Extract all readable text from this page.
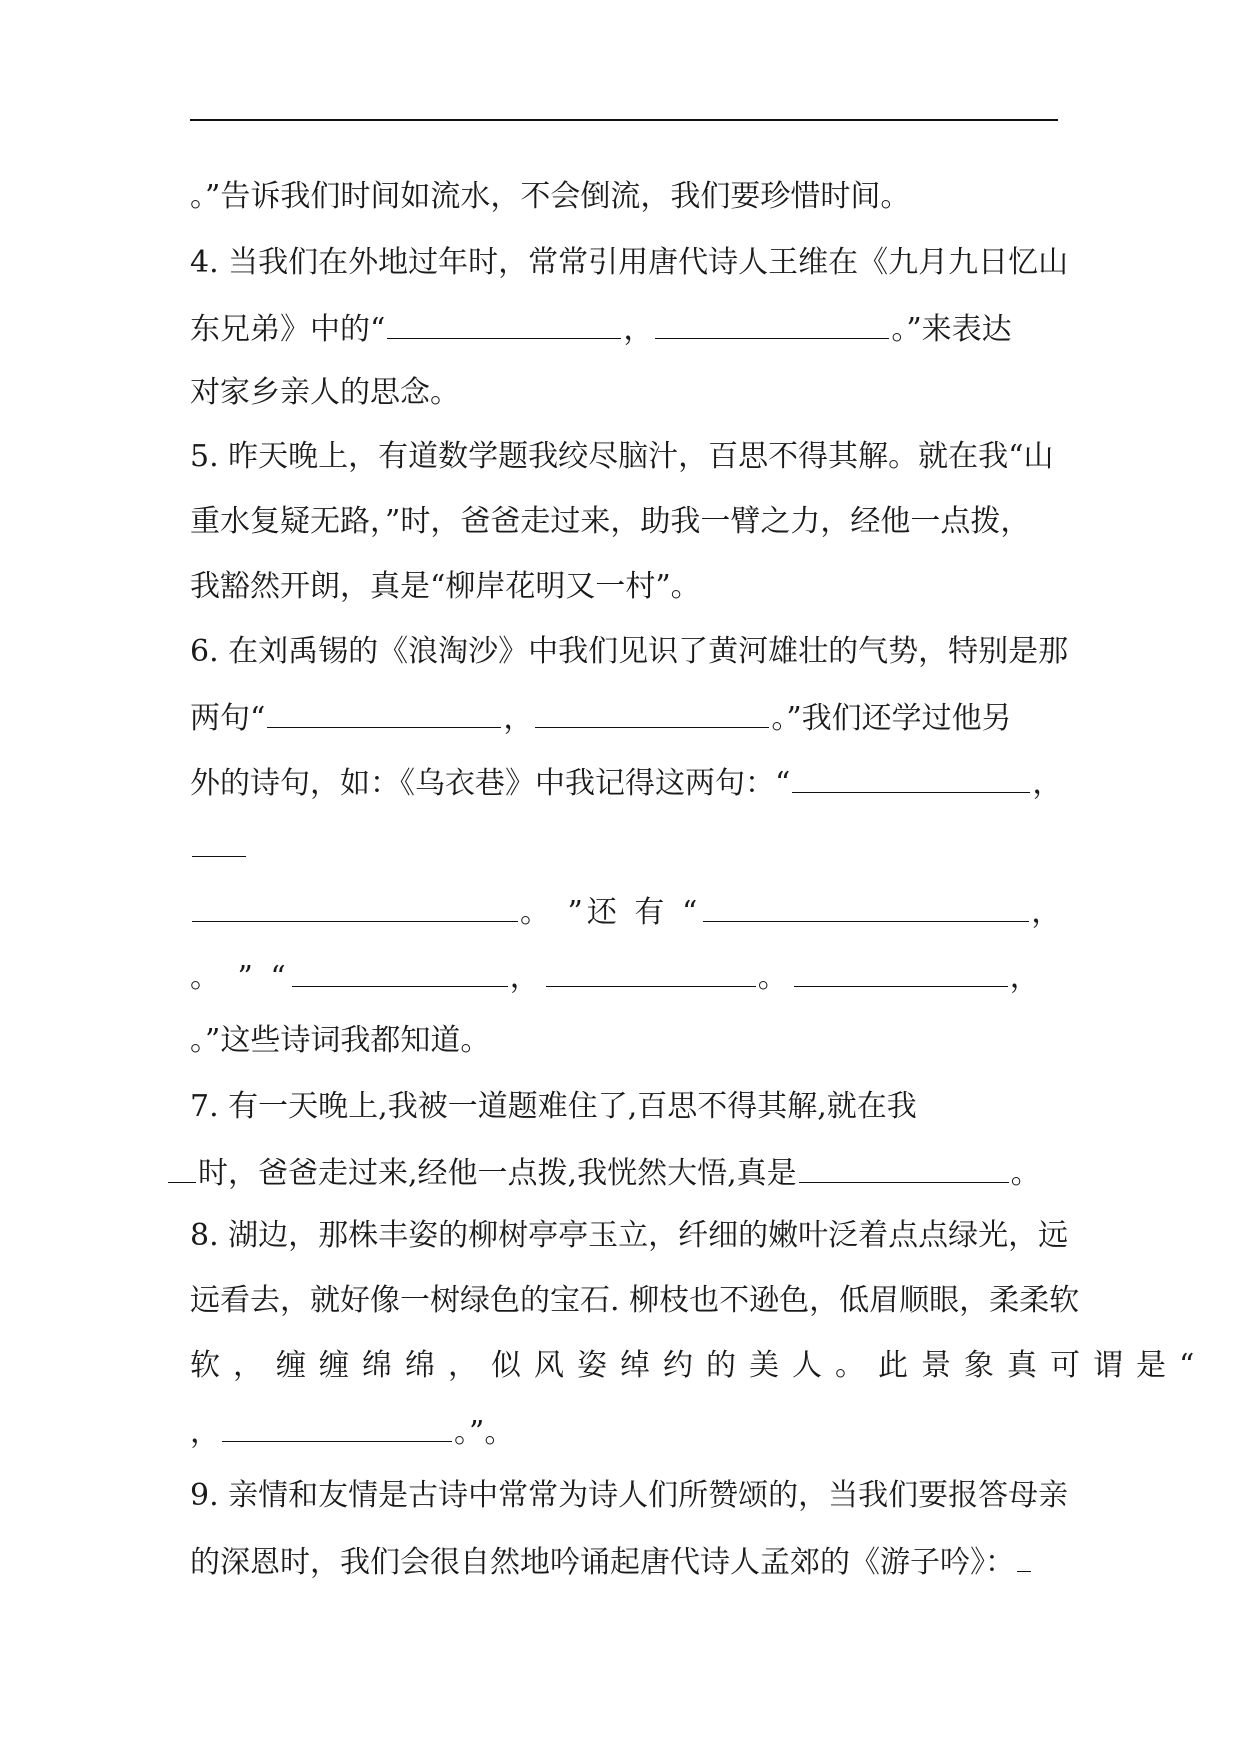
。”告诉我们时间如流水，不会倒流，我们要珍惜时间。
4. 当我们在外地过年时，常常引用唐代诗人王维在《九月九日忆山
东兄弟》中的“	，	。”来表达
对家乡亲人的思念。
5. 昨天晚上，有道数学题我绞尽脑汁，百思不得其解。就在我“山
重水复疑无路，”时，爸爸走过来，助我一臂之力，经他一点拨，
我豁然开朗，真是“柳岸花明又一村”。
6. 在刘禹锡的《浪淘沙》中我们见识了黄河雄壮的气势，特别是那
两句“	，	。”我们还学过他另
外的诗句，如：《乌衣巷》中我记得这两句：“	，
。 ”还 有 “	，
。 ” “	，	。	，
。”这些诗词我都知道。
7. 有一天晚上,我被一道题难住了,百思不得其解,就在我
时，爸爸走过来,经他一点拨,我恍然大悟,真是	。
8. 湖边，那株丰姿的柳树亭亭玉立，纤细的嫩叶泛着点点绿光，远
远看去，就好像一树绿色的宝石. 柳枝也不逊色，低眉顺眼，柔柔软
软，缠缠绵绵，似风姿绰约的美人。此景象真可谓是“
，	。”。
9. 亲情和友情是古诗中常常为诗人们所赞颂的，当我们要报答母亲
的深恩时，我们会很自然地吟诵起唐代诗人孟郊的《游子吟》：
